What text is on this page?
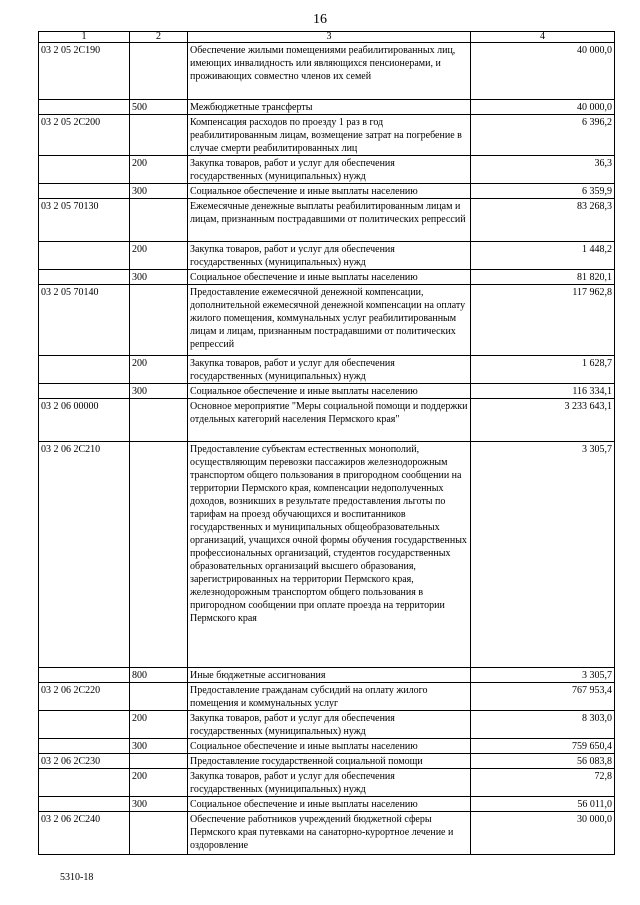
16
1	2	3	4
03 2 05 2С190		Обеспечение жилыми помещениями реабилитированных лиц, имеющих инвалидность или являющихся пенсионерами, и проживающих совместно членов их семей	40 000,0
	500	Межбюджетные трансферты	40 000,0
03 2 05 2С200		Компенсация расходов по проезду 1 раз в год реабилитированным лицам, возмещение затрат на погребение в случае смерти реабилитированных лиц	6 396,2
	200	Закупка товаров, работ и услуг для обеспечения государственных (муниципальных) нужд	36,3
	300	Социальное обеспечение и иные выплаты населению	6 359,9
03 2 05 70130		Ежемесячные денежные выплаты реабилитированным лицам и лицам, признанным пострадавшими от политических репрессий	83 268,3
	200	Закупка товаров, работ и услуг для обеспечения государственных (муниципальных) нужд	1 448,2
	300	Социальное обеспечение и иные выплаты населению	81 820,1
03 2 05 70140		Предоставление ежемесячной денежной компенсации, дополнительной ежемесячной денежной компенсации на оплату жилого помещения, коммунальных услуг реабилитированным лицам и лицам, признанным пострадавшими от политических репрессий	117 962,8
	200	Закупка товаров, работ и услуг для обеспечения государственных (муниципальных) нужд	1 628,7
	300	Социальное обеспечение и иные выплаты населению	116 334,1
03 2 06 00000		Основное мероприятие "Меры социальной помощи и поддержки отдельных категорий населения Пермского края"	3 233 643,1
03 2 06 2С210		Предоставление субъектам естественных монополий, осуществляющим перевозки пассажиров железнодорожным транспортом общего пользования в пригородном сообщении на территории Пермского края, компенсации недополученных доходов, возникших в результате предоставления льготы по тарифам на проезд обучающихся и воспитанников государственных и муниципальных общеобразовательных организаций, учащихся очной формы обучения государственных профессиональных организаций, студентов государственных образовательных организаций высшего образования, зарегистрированных на территории Пермского края, железнодорожным транспортом общего пользования в пригородном сообщении при оплате проезда на территории Пермского края	3 305,7
	800	Иные бюджетные ассигнования	3 305,7
03 2 06 2С220		Предоставление гражданам субсидий на оплату жилого помещения и коммунальных услуг	767 953,4
	200	Закупка товаров, работ и услуг для обеспечения государственных (муниципальных) нужд	8 303,0
	300	Социальное обеспечение и иные выплаты населению	759 650,4
03 2 06 2С230		Предоставление государственной социальной помощи	56 083,8
	200	Закупка товаров, работ и услуг для обеспечения государственных (муниципальных) нужд	72,8
	300	Социальное обеспечение и иные выплаты населению	56 011,0
03 2 06 2С240		Обеспечение работников учреждений бюджетной сферы Пермского края путевками на санаторно-курортное лечение и оздоровление	30 000,0
5310-18
